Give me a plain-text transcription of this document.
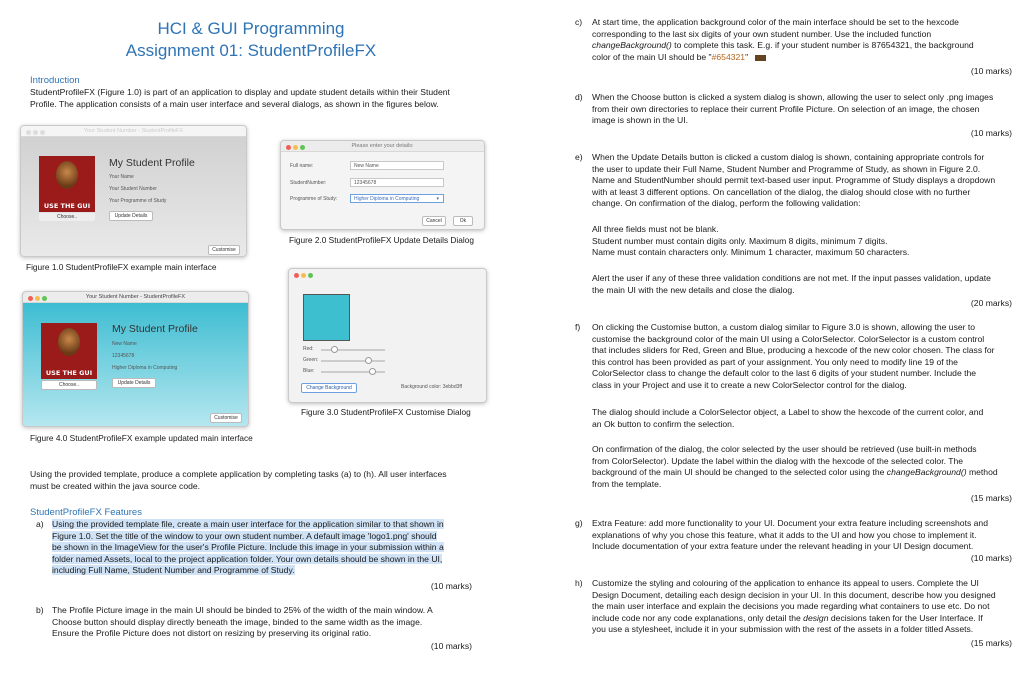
HCI & GUI Programming
Assignment 01: StudentProfileFX
Introduction
StudentProfileFX (Figure 1.0) is part of an application to display and update student details within their Student
Profile. The application consists of a main user interface and several dialogs, as shown in the figures below.
Your Student Number - StudentProfileFX
USE THE GUI
Choose..
My Student Profile
Your Name
Your Student Number
Your Programme of Study
Update Details
Customise
Figure 1.0 StudentProfileFX example main interface
Please enter your details:
Full name:
StudentNumber:
Programme of Study:
New Name
12345678
Higher Diploma in Computing	▾
Cancel	Ok
Figure 2.0 StudentProfileFX Update Details Dialog
Your Student Number - StudentProfileFX
USE THE GUI
Choose..
My Student Profile
New Name
12345678
Higher Diploma in Computing
Update Details
Customise
Figure 4.0 StudentProfileFX example updated main interface
Red:
Green:
Blue:
Change Background	Background color: 3ebbd3ff
Figure 3.0 StudentProfileFX Customise Dialog
Using the provided template, produce a complete application by completing tasks (a) to (h). All user interfaces
must be created within the java source code.
StudentProfileFX Features
a) Using the provided template file, create a main user interface for the application similar to that shown in
Figure 1.0. Set the title of the window to your own student number. A default image 'logo1.png' should
be shown in the ImageView for the user's Profile Picture. Include this image in your submission within a
folder named Assets, local to the project application folder. Your own details should be shown in the UI,
including Full Name, Student Number and Programme of Study.
(10 marks)
b) The Profile Picture image in the main UI should be binded to 25% of the width of the main window. A
Choose button should display directly beneath the image, binded to the same width as the image.
Ensure the Profile Picture does not distort on resizing by preserving its original ratio.
(10 marks)
c) At start time, the application background color of the main interface should be set to the hexcode
corresponding to the last six digits of your own student number. Use the included function
changeBackground() to complete this task. E.g. if your student number is 87654321, the background
color of the main UI should be "#654321"
(10 marks)
d) When the Choose button is clicked a system dialog is shown, allowing the user to select only .png images
from their own directories to replace their current Profile Picture. On selection of an image, the chosen
image is shown in the UI.
(10 marks)
e) When the Update Details button is clicked a custom dialog is shown, containing appropriate controls for
the user to update their Full Name, Student Number and Programme of Study, as shown in Figure 2.0.
Name and StudentNumber should permit text-based user input. Programme of Study displays a dropdown
with at least 3 different options. On cancellation of the dialog, the dialog should close with no further
change. On confirmation of the dialog, perform the following validation:
All three fields must not be blank.
Student number must contain digits only. Maximum 8 digits, minimum 7 digits.
Name must contain characters only. Minimum 1 character, maximum 50 characters.
Alert the user if any of these three validation conditions are not met. If the input passes validation, update
the main UI with the new details and close the dialog.
(20 marks)
f) On clicking the Customise button, a custom dialog similar to Figure 3.0 is shown, allowing the user to
customise the background color of the main UI using a ColorSelector. ColorSelector is a custom control
that includes sliders for Red, Green and Blue, producing a hexcode of the new color chosen. The class for
this control has been provided as part of your assignment. You only need to modify line 19 of the
ColorSelector class to change the default color to the last 6 digits of your student number. Include the
class in your Project and use it to create a new ColorSelector control for the dialog.
The dialog should include a ColorSelector object, a Label to show the hexcode of the current color, and
an Ok button to confirm the selection.
On confirmation of the dialog, the color selected by the user should be retrieved (use built-in methods
from ColorSelector). Update the label within the dialog with the hexcode of the selected color. The
background of the main UI should be changed to the selected color using the changeBackground() method
from the template.
(15 marks)
g) Extra Feature: add more functionality to your UI. Document your extra feature including screenshots and
explanations of why you chose this feature, what it adds to the UI and how you chose to implement it.
Include documentation of your extra feature under the relevant heading in your UI Design document.
(10 marks)
h) Customize the styling and colouring of the application to enhance its appeal to users. Complete the UI
Design Document, detailing each design decision in your UI. In this document, describe how you designed
the main user interface and explain the decisions you made regarding what containers to use etc. Do not
include code nor any code explanations, only detail the design decisions taken for the User Interface. If
you use a stylesheet, include it in your submission with the rest of the assets in a folder titled Assets.
(15 marks)
